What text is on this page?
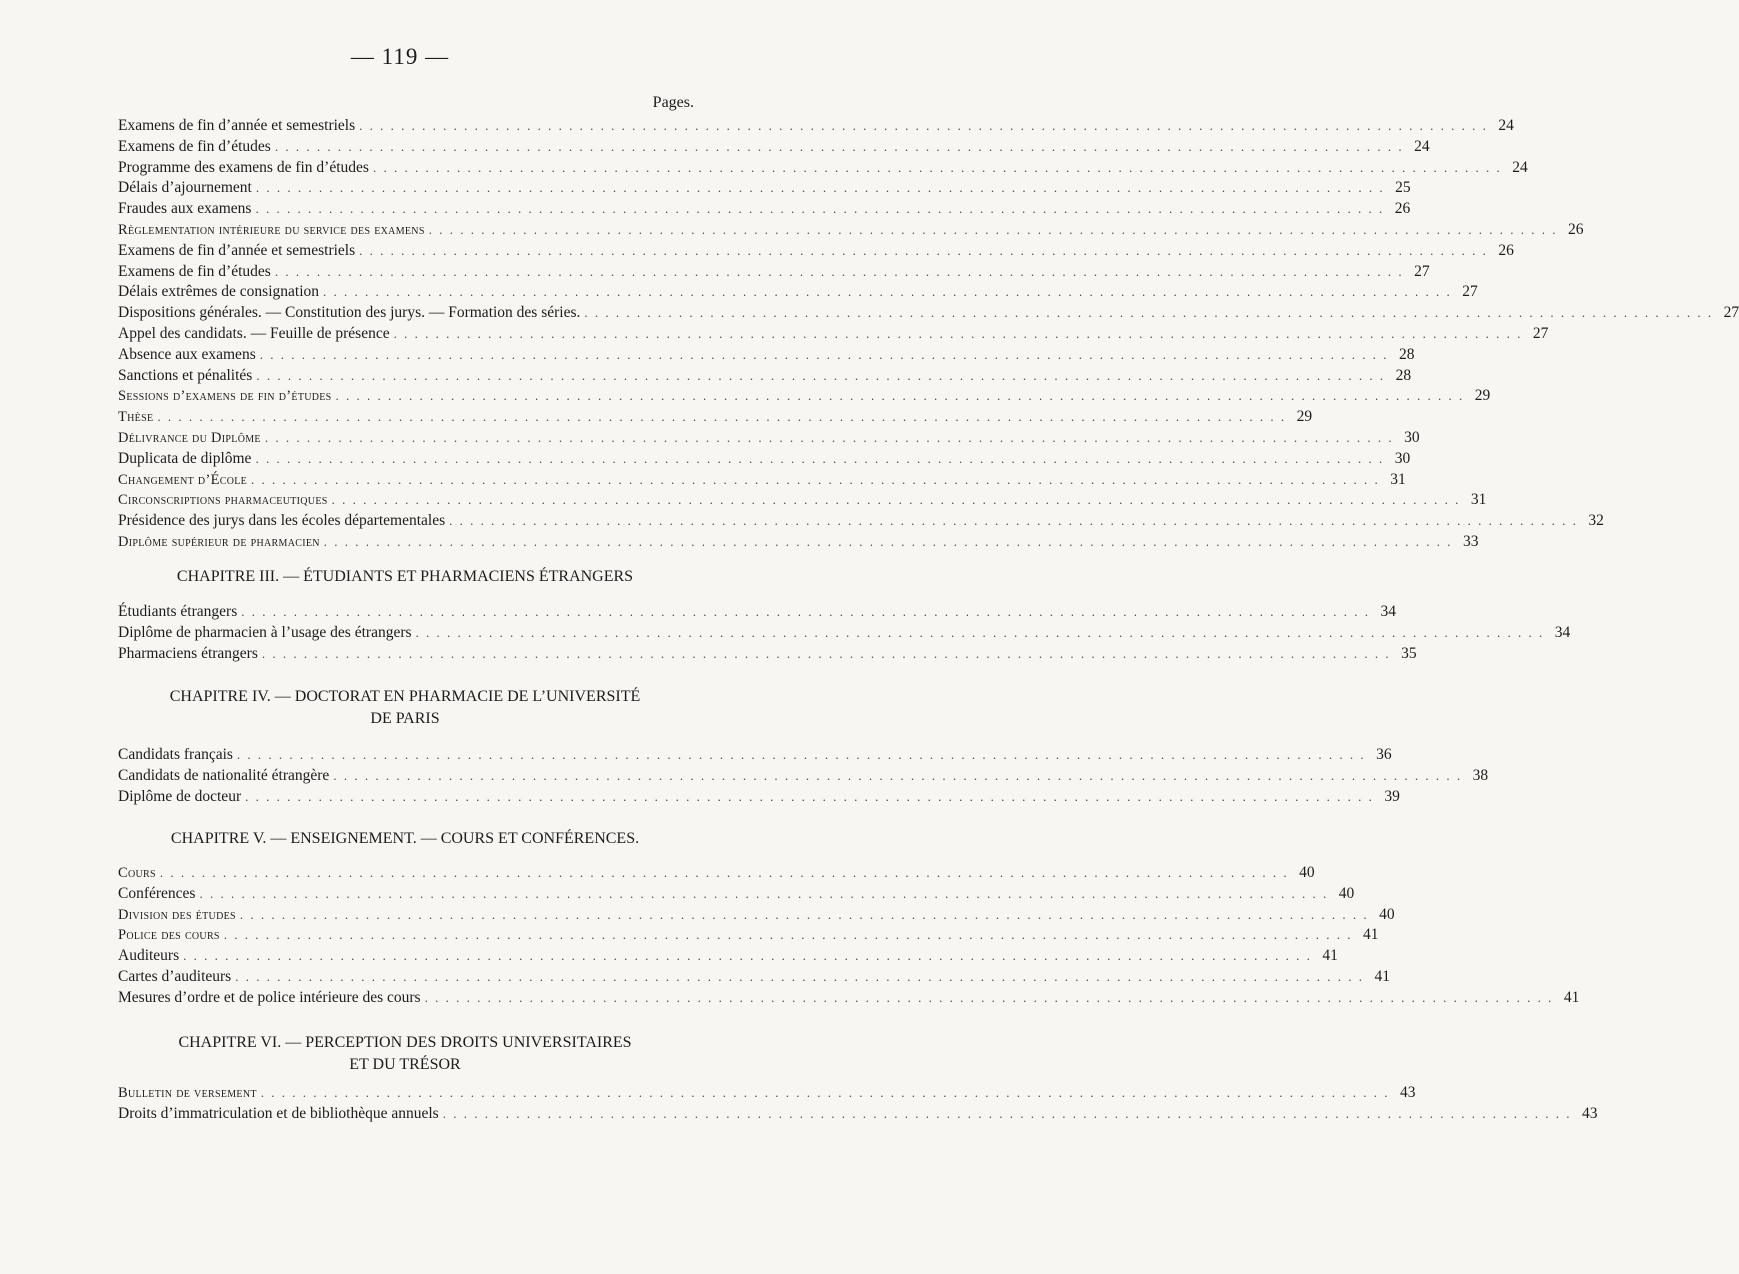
— 119 —
Pages.
Examens de fin d’année et semestriels . . .	24
Examens de fin d’études . . .	24
Programme des examens de fin d’études . . .	24
Délais d’ajournement . . .	25
Fraudes aux examens . . .	26
Règlementation intérieure du service des examens . . .	26
Examens de fin d’année et semestriels . . .	26
Examens de fin d’études . . .	27
Délais extrêmes de consignation . . .	27
Dispositions générales. — Constitution des jurys. — Formation des séries. . . .	27
Appel des candidats. — Feuille de présence . . .	27
Absence aux examens . . .	28
Sanctions et pénalités . . .	28
Sessions d’examens de fin d’études . . .	29
Thèse . . .	29
Délivrance du Diplôme . . .	30
Duplicata de diplôme . . .	30
Changement d’École . . .	31
Circonscriptions pharmaceutiques . . .	31
Présidence des jurys dans les écoles départementales . . .	32
Diplôme supérieur de pharmacien . . .	33
CHAPITRE III. — ÉTUDIANTS ET PHARMACIENS ÉTRANGERS
Étudiants étrangers . . .	34
Diplôme de pharmacien à l’usage des étrangers . . .	34
Pharmaciens étrangers . . .	35
CHAPITRE IV. — DOCTORAT EN PHARMACIE DE L’UNIVERSITÉ
DE PARIS
Candidats français . . .	36
Candidats de nationalité étrangère . . .	38
Diplôme de docteur . . .	39
CHAPITRE V. — ENSEIGNEMENT. — COURS ET CONFÉRENCES.
Cours . . .	40
Conférences . . .	40
Division des études . . .	40
Police des cours . . .	41
Auditeurs . . .	41
Cartes d’auditeurs . . .	41
Mesures d’ordre et de police intérieure des cours . . .	41
CHAPITRE VI. — PERCEPTION DES DROITS UNIVERSITAIRES
ET DU TRÉSOR
Bulletin de versement . . .	43
Droits d’immatriculation et de bibliothèque annuels . . .	43
